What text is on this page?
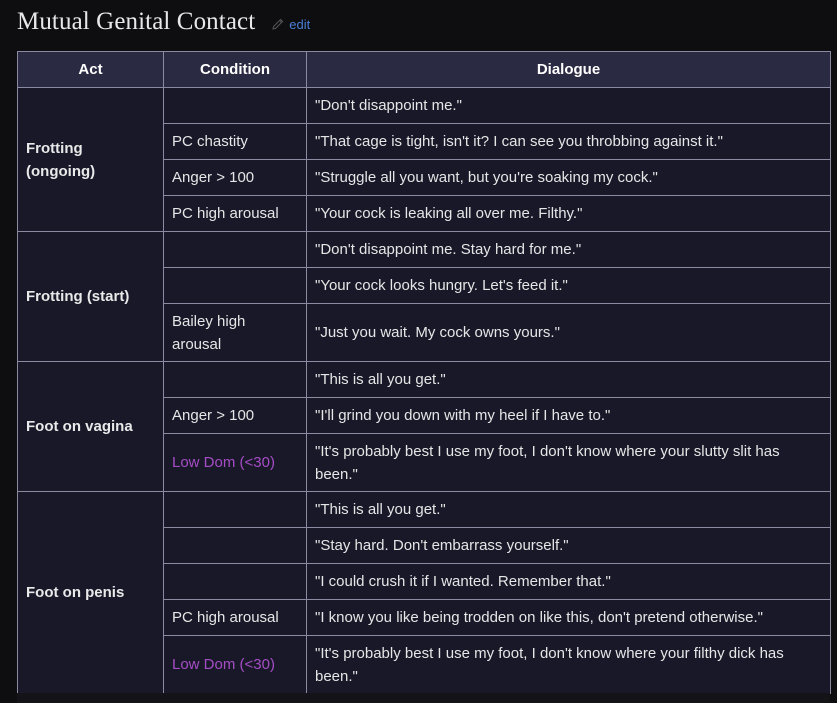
Mutual Genital Contact	edit
Act	Condition	Dialogue
Frotting (ongoing)		"Don't disappoint me."
	PC chastity	"That cage is tight, isn't it? I can see you throbbing against it."
	Anger > 100	"Struggle all you want, but you're soaking my cock."
	PC high arousal	"Your cock is leaking all over me. Filthy."
Frotting (start)		"Don't disappoint me. Stay hard for me."
		"Your cock looks hungry. Let's feed it."
	Bailey high arousal	"Just you wait. My cock owns yours."
Foot on vagina		"This is all you get."
	Anger > 100	"I'll grind you down with my heel if I have to."
	Low Dom (<30)	"It's probably best I use my foot, I don't know where your slutty slit has been."
Foot on penis		"This is all you get."
		"Stay hard. Don't embarrass yourself."
		"I could crush it if I wanted. Remember that."
	PC high arousal	"I know you like being trodden on like this, don't pretend otherwise."
	Low Dom (<30)	"It's probably best I use my foot, I don't know where your filthy dick has been."
